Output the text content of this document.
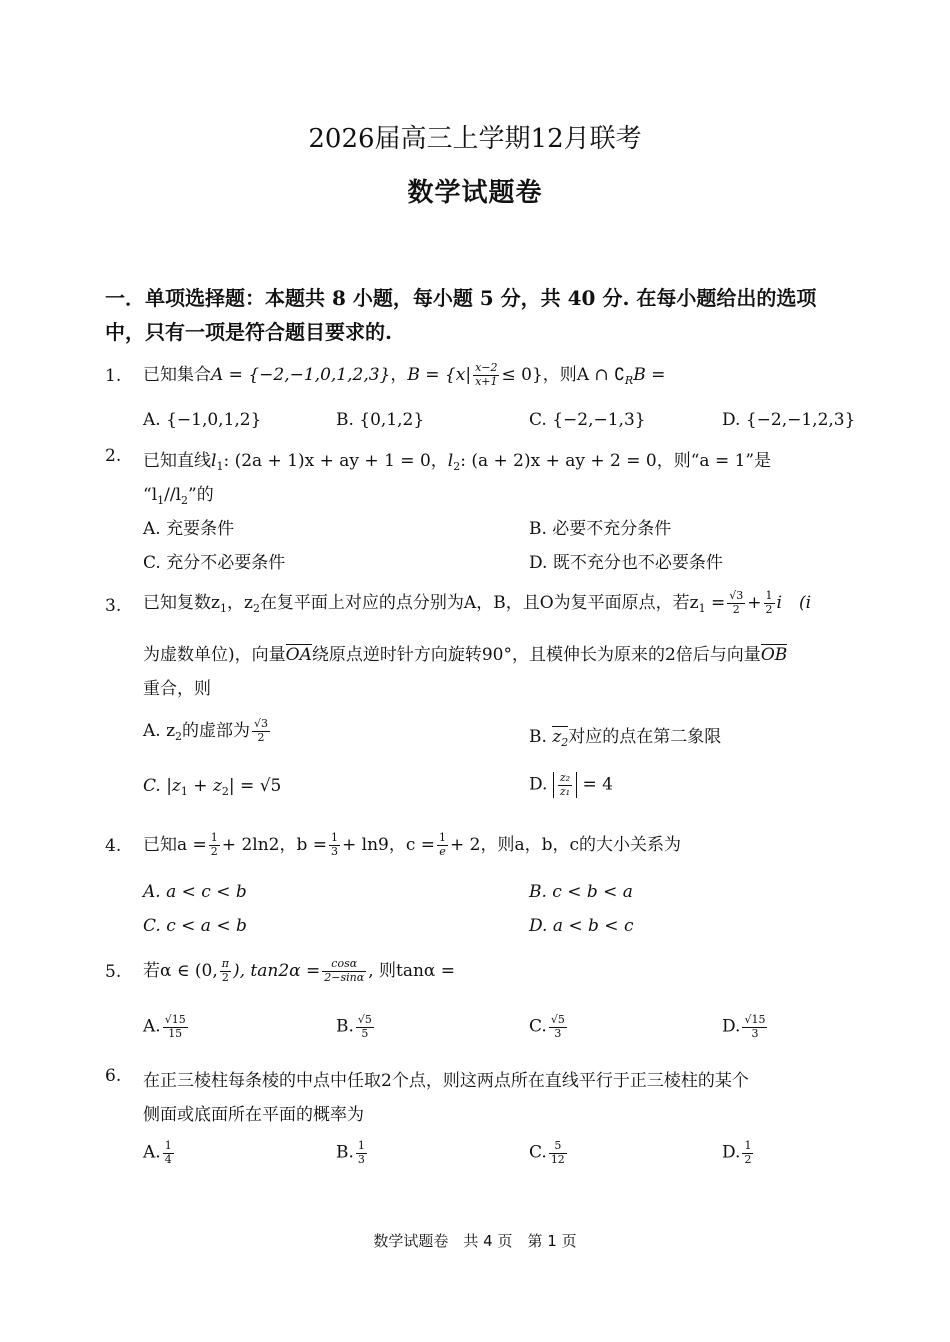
2026届高三上学期12月联考
数学试题卷
一．单项选择题：本题共 8 小题，每小题 5 分，共 40 分. 在每小题给出的选项
中，只有一项是符合题目要求的.
1. 已知集合A = {−2,−1,0,1,2,3}，$B = \{x| \frac{x-2}{x+1} \le 0\}$，则A ∩ $∁_RB$ =
A. {−1,0,1,2}	B. {0,1,2}	C. {−2,−1,3}	D. {−2,−1,2,3}
2. 已知直线$l_1$: (2a + 1)x + ay + 1 = 0，$l_2$: (a + 2)x + ay + 2 = 0，则“a = 1”是
“$l_1//l_2$”的
A. 充要条件	B. 必要不充分条件
C. 充分不必要条件	D. 既不充分也不必要条件
3. 已知复数$z_1$，$z_2$在复平面上对应的点分别为A，B，且O为复平面原点，若$z_1 = \frac{√3}{2} + \frac{1}{2}$ i　(i
为虚数单位)，向量OA绕原点逆时针方向旋转90°，且模伸长为原来的2倍后与向量OB
重合，则
A. $z_2$的虚部为 $\frac{√3}{2}$	B. $z_2$对应的点在第二象限
C. $|z_1 + z_2| = √5$	D. $\frac{\text{z₂}}{\text{z₁}} = 4$
4. 已知$a = \frac{1}{2} + 2\ln 2$，$b = \frac{1}{3} + \ln 9$，$c = \frac{1}{e} + 2$，则a，b，c的大小关系为
A. a < c < b	B. c < b < a
C. c < a < b	D. a < b < c
5. 若α ∈ (0, $\frac{\pi}{2}$ ), $\tan 2\alpha = \frac{\cos\alpha}{2-\sin\alpha}$ , 则tanα =
A. $\frac{√15}{15}$	B. $\frac{√5}{5}$	C. $\frac{√5}{3}$	D. $\frac{√15}{3}$
6. 在正三棱柱每条棱的中点中任取2个点，则这两点所在直线平行于正三棱柱的某个
侧面或底面所在平面的概率为
A. $\frac{1}{4}$	B. $\frac{1}{3}$	C. $\frac{5}{12}$	D. $\frac{1}{2}$
数学试题卷　共 4 页　第 1 页
